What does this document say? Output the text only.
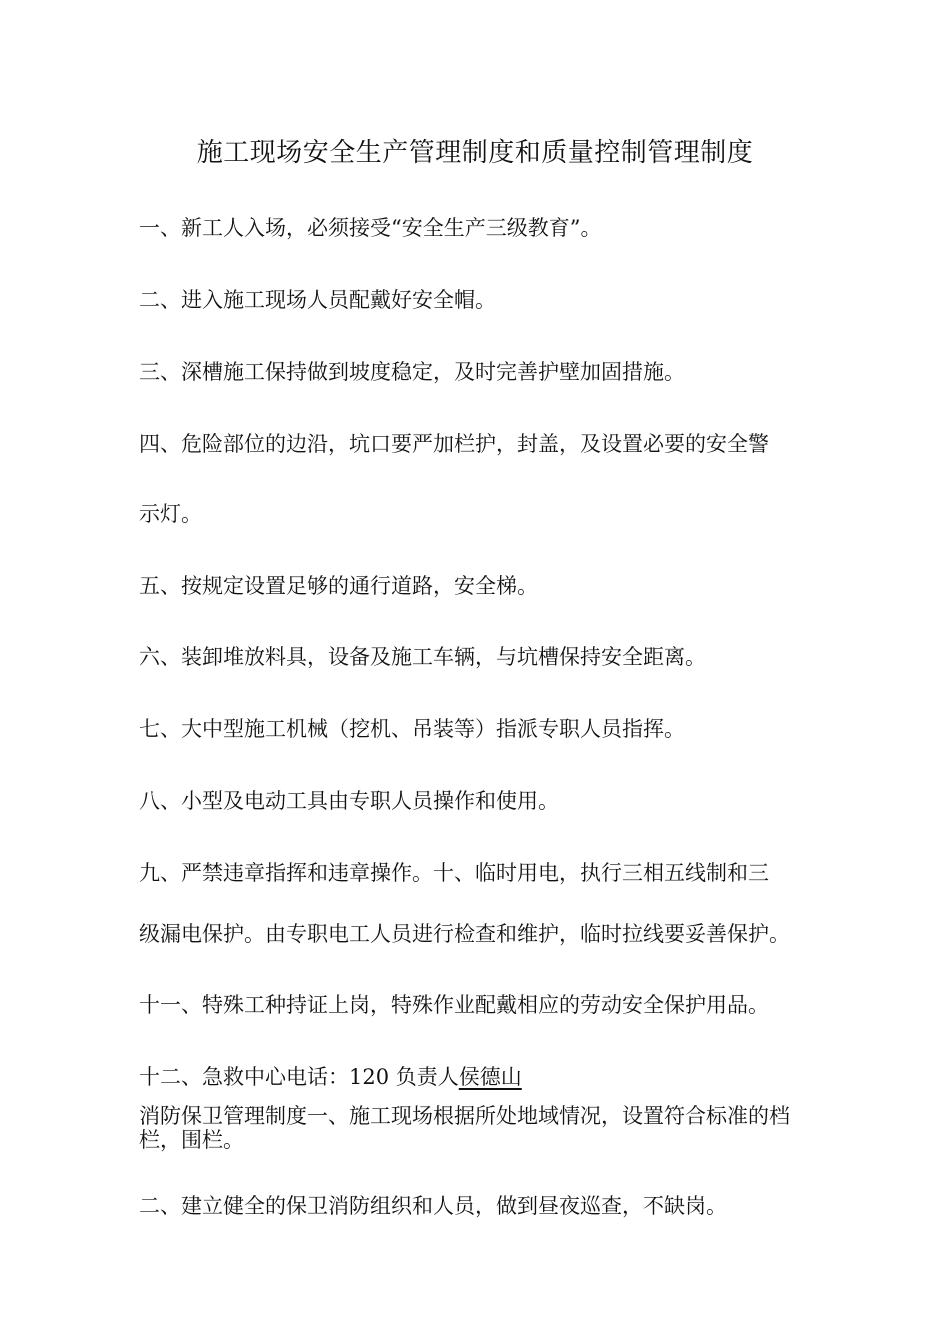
施工现场安全生产管理制度和质量控制管理制度
一、新工人入场，必须接受“安全生产三级教育”。
二、进入施工现场人员配戴好安全帽。
三、深槽施工保持做到坡度稳定，及时完善护壁加固措施。
四、危险部位的边沿，坑口要严加栏护，封盖，及设置必要的安全警
示灯。
五、按规定设置足够的通行道路，安全梯。
六、装卸堆放料具，设备及施工车辆，与坑槽保持安全距离。
七、大中型施工机械（挖机、吊装等）指派专职人员指挥。
八、小型及电动工具由专职人员操作和使用。
九、严禁违章指挥和违章操作。十、临时用电，执行三相五线制和三
级漏电保护。由专职电工人员进行检查和维护，临时拉线要妥善保护。
十一、特殊工种持证上岗，特殊作业配戴相应的劳动安全保护用品。
十二、急救中心电话：120 负责人侯德山
消防保卫管理制度一、施工现场根据所处地域情况，设置符合标准的档栏，围栏。
二、建立健全的保卫消防组织和人员，做到昼夜巡查，不缺岗。
